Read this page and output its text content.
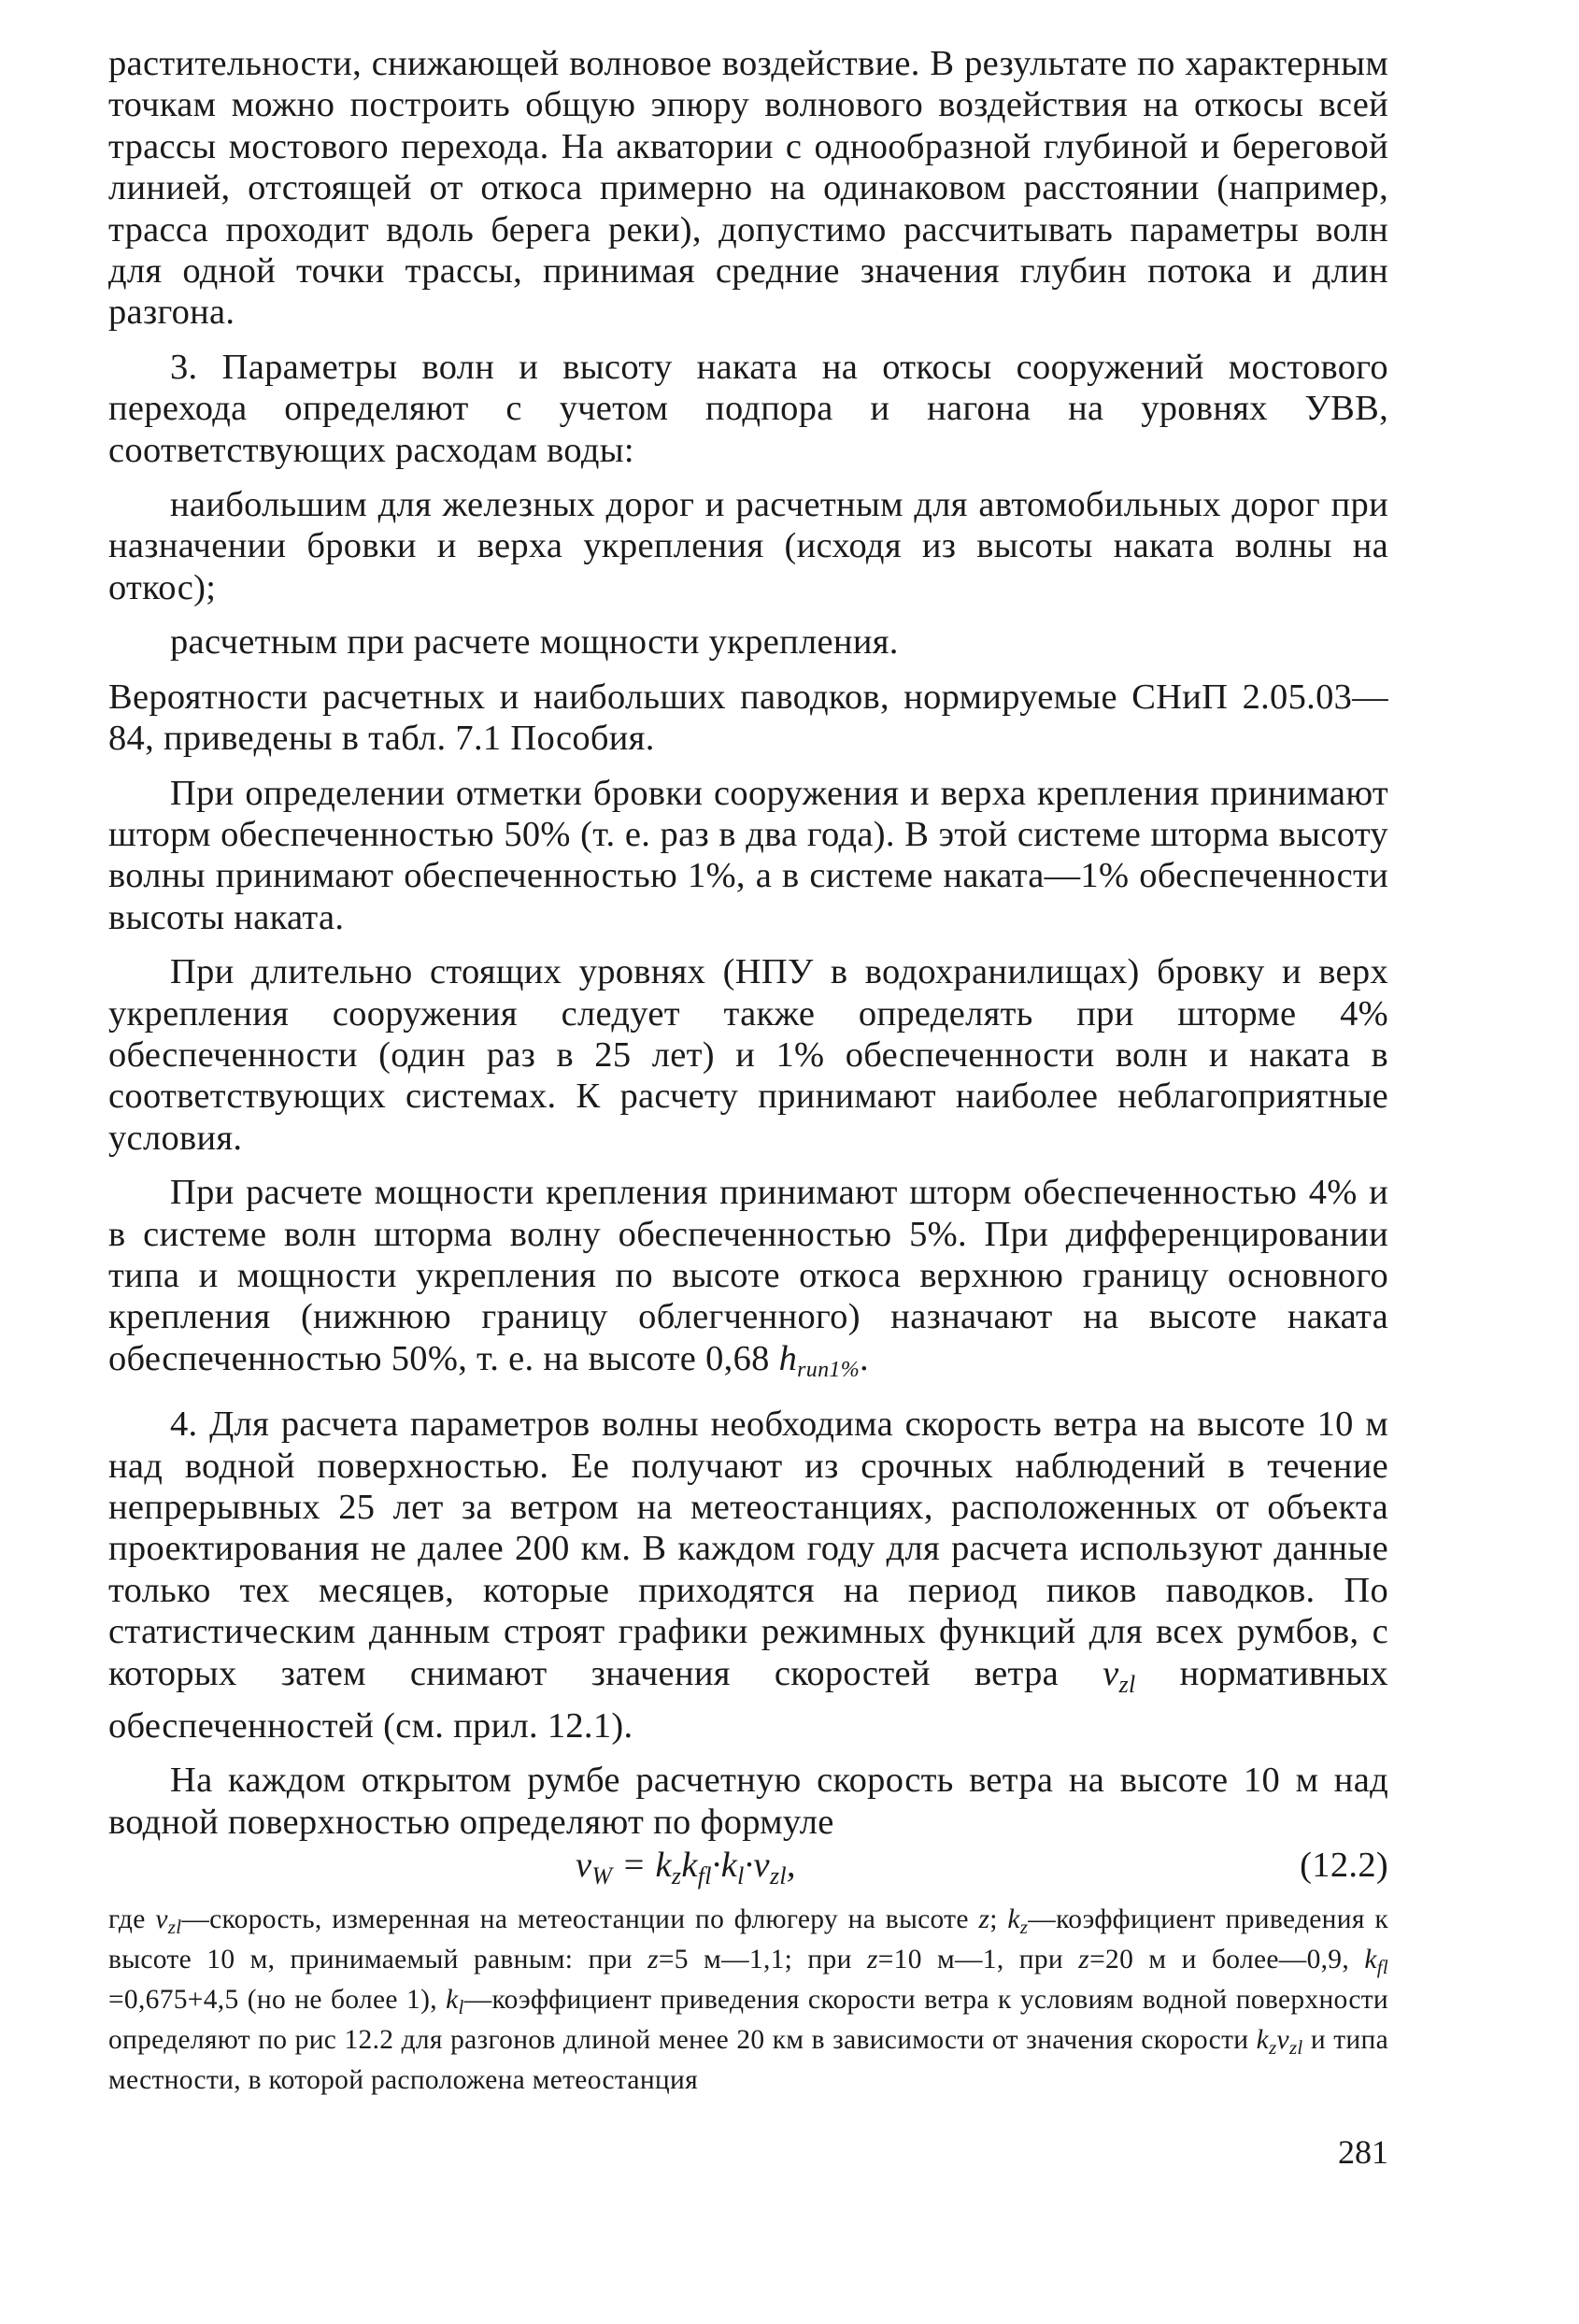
растительности, снижающей волновое воздействие. В результате по характерным точкам можно построить общую эпюру волнового воздействия на откосы всей трассы мостового перехода. На акватории с однообразной глубиной и береговой линией, отстоящей от откоса примерно на одинаковом расстоянии (например, трасса проходит вдоль берега реки), допустимо рассчитывать параметры волн для одной точки трассы, принимая средние значения глубин потока и длин разгона.

3. Параметры волн и высоту наката на откосы сооружений мостового перехода определяют с учетом подпора и нагона на уровнях УВВ, соответствующих расходам воды:

наибольшим для железных дорог и расчетным для автомобильных дорог при назначении бровки и верха укрепления (исходя из высоты наката волны на откос);

расчетным при расчете мощности укрепления.

Вероятности расчетных и наибольших паводков, нормируемые СНиП 2.05.03—84, приведены в табл. 7.1 Пособия.

При определении отметки бровки сооружения и верха крепления принимают шторм обеспеченностью 50% (т. е. раз в два года). В этой системе шторма высоту волны принимают обеспеченностью 1%, а в системе наката—1% обеспеченности высоты наката.

При длительно стоящих уровнях (НПУ в водохранилищах) бровку и верх укрепления сооружения следует также определять при шторме 4% обеспеченности (один раз в 25 лет) и 1% обеспеченности волн и наката в соответствующих системах. К расчету принимают наиболее неблагоприятные условия.

При расчете мощности крепления принимают шторм обеспеченностью 4% и в системе волн шторма волну обеспеченностью 5%. При дифференцировании типа и мощности укрепления по высоте откоса верхнюю границу основного крепления (нижнюю границу облегченного) назначают на высоте наката обеспеченностью 50%, т. е. на высоте 0,68 $h_{run1\%}$.

4. Для расчета параметров волны необходима скорость ветра на высоте 10 м над водной поверхностью. Ее получают из срочных наблюдений в течение непрерывных 25 лет за ветром на метеостанциях, расположенных от объекта проектирования не далее 200 км. В каждом году для расчета используют данные только тех месяцев, которые приходятся на период пиков паводков. По статистическим данным строят графики режимных функций для всех румбов, с которых затем снимают значения скоростей ветра $v_{zl}$ нормативных обеспеченностей (см. прил. 12.1).

На каждом открытом румбе расчетную скорость ветра на высоте 10 м над водной поверхностью определяют по формуле

$v_W = k_zk_{fl}\cdot k_l\cdot v_{zl}$,	(12.2)
где $v_{zl}—скорость$, измеренная на метеостанции по флюгеру на высоте z; $k_z—коэффициент$ приведения к высоте 10 м, принимаемый равным: при z=5 м—1,1; при z=10 м—1, при z=20 м и более—0,9, $k_{fl} =0,675+4,5$ (но не более 1), $k_l—коэффициент$ приведения скорости ветра к условиям водной поверхности определяют по рис 12.2 для разгонов длиной менее 20 км в зависимости от значения скорости $k_zv_{zl}$ и типа местности, в которой расположена метеостанция
281
